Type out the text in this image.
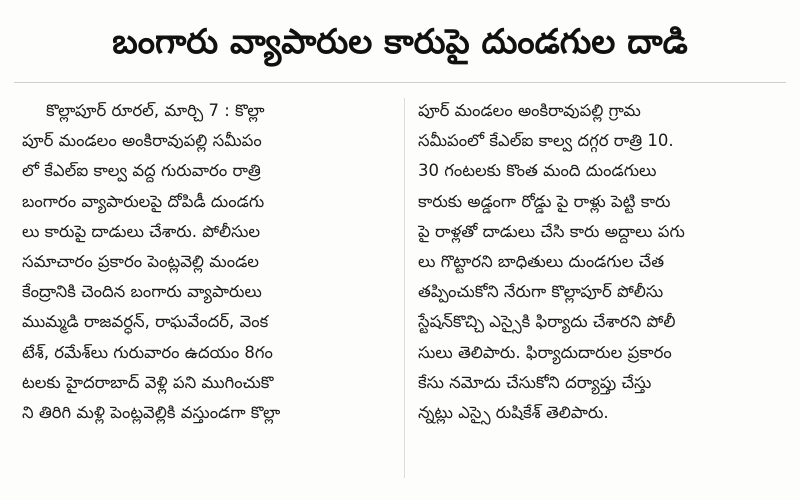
బంగారు వ్యాపారుల కారుపై దుండగుల దాడి
కొల్లాపూర్ రూరల్, మార్చి 7 : కొల్లా
పూర్ మండలం అంకిరావుపల్లి సమీపం
లో కేఎల్ఐ కాల్వ వద్ద గురువారం రాత్రి
బంగారం వ్యాపారులపై దోపిడీ దుండగు
లు కారుపై దాడులు చేశారు. పోలీసుల
సమాచారం ప్రకారం పెంట్లవెల్లి మండల
కేంద్రానికి చెందిన బంగారు వ్యాపారులు
ముమ్మడి రాజవర్ధన్, రాఘవేందర్, వెంక
టేశ్, రమేశ్‌లు గురువారం ఉదయం 8గం
టలకు హైదరాబాద్ వెళ్లి పని ముగించుకొ
ని తిరిగి మళ్లి పెంట్లవెల్లికి వస్తుండగా కొల్లా
పూర్ మండలం అంకిరావుపల్లి గ్రామ
సమీపంలో కేఎల్ఐ కాల్వ దగ్గర రాత్రి 10.
30 గంటలకు కొంత మంది దుండగులు
కారుకు అడ్డంగా రోడ్డు పై రాళ్లు పెట్టి కారు
పై రాళ్లతో దాడులు చేసి కారు అద్దాలు పగు
లు గొట్టారని బాధితులు దుండగుల చేత
తప్పించుకోని నేరుగా కొల్లాపూర్ పోలీసు
స్టేషన్‌కొచ్చి ఎస్సైకి ఫిర్యాదు చేశారని పోలీ
సులు తెలిపారు. ఫిర్యాదుదారుల ప్రకారం
కేసు నమోదు చేసుకోని దర్యాప్తు చేస్తు
న్నట్లు ఎస్సై రుషికేశ్ తెలిపారు.
